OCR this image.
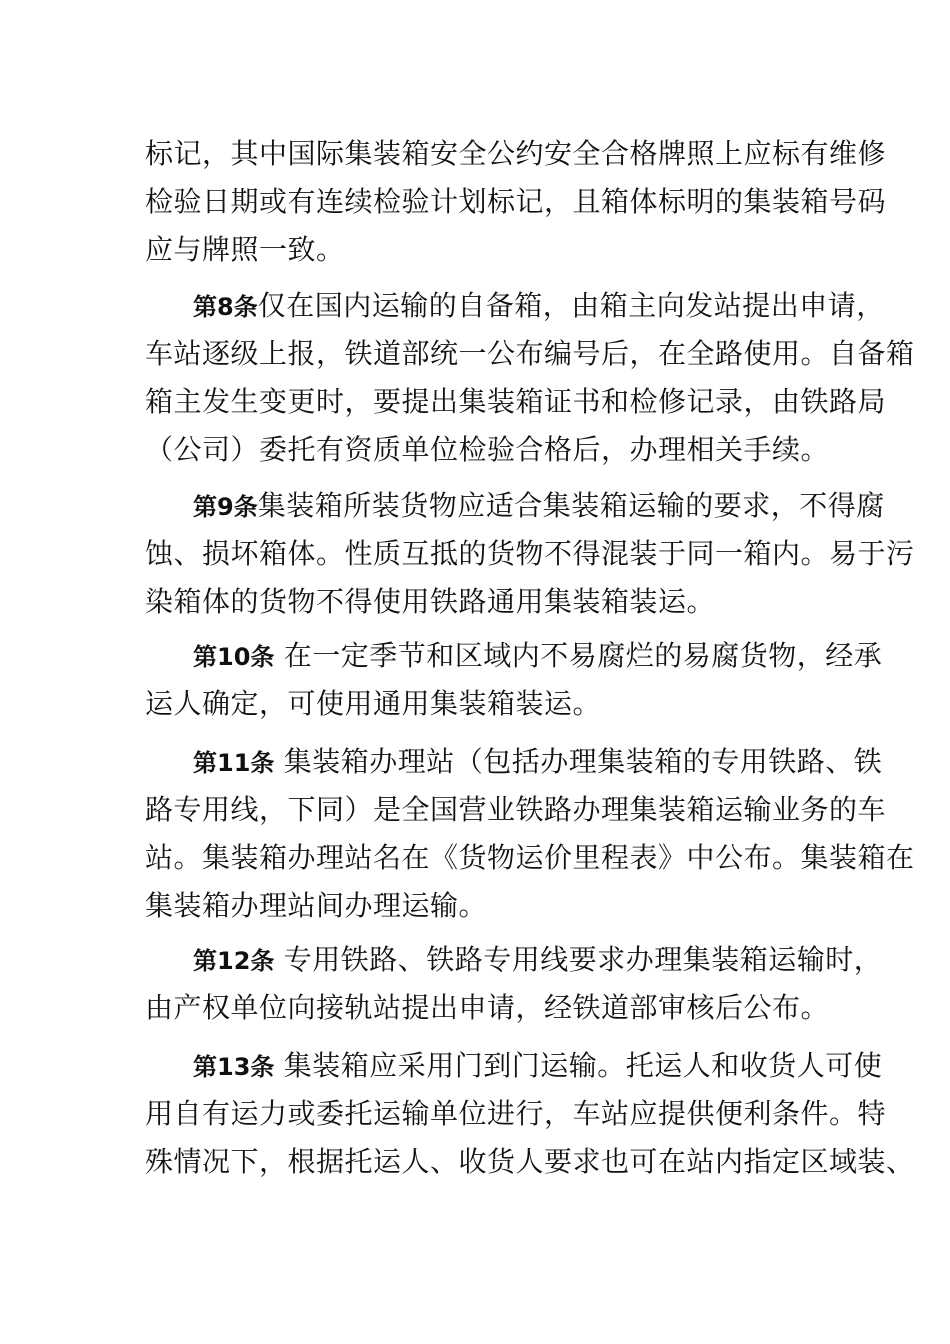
标记，其中国际集装箱安全公约安全合格牌照上应标有维修
检验日期或有连续检验计划标记，且箱体标明的集装箱号码
应与牌照一致。
第8条仅在国内运输的自备箱，由箱主向发站提出申请，
车站逐级上报，铁道部统一公布编号后，在全路使用。自备箱
箱主发生变更时，要提出集装箱证书和检修记录，由铁路局
（公司）委托有资质单位检验合格后，办理相关手续。
第9条集装箱所装货物应适合集装箱运输的要求，不得腐
蚀、损坏箱体。性质互抵的货物不得混装于同一箱内。易于污
染箱体的货物不得使用铁路通用集装箱装运。
第10条 在一定季节和区域内不易腐烂的易腐货物，经承
运人确定，可使用通用集装箱装运。
第11条 集装箱办理站（包括办理集装箱的专用铁路、铁
路专用线，下同）是全国营业铁路办理集装箱运输业务的车
站。集装箱办理站名在《货物运价里程表》中公布。集装箱在
集装箱办理站间办理运输。
第12条 专用铁路、铁路专用线要求办理集装箱运输时，
由产权单位向接轨站提出申请，经铁道部审核后公布。
第13条 集装箱应采用门到门运输。托运人和收货人可使
用自有运力或委托运输单位进行，车站应提供便利条件。特
殊情况下，根据托运人、收货人要求也可在站内指定区域装、
